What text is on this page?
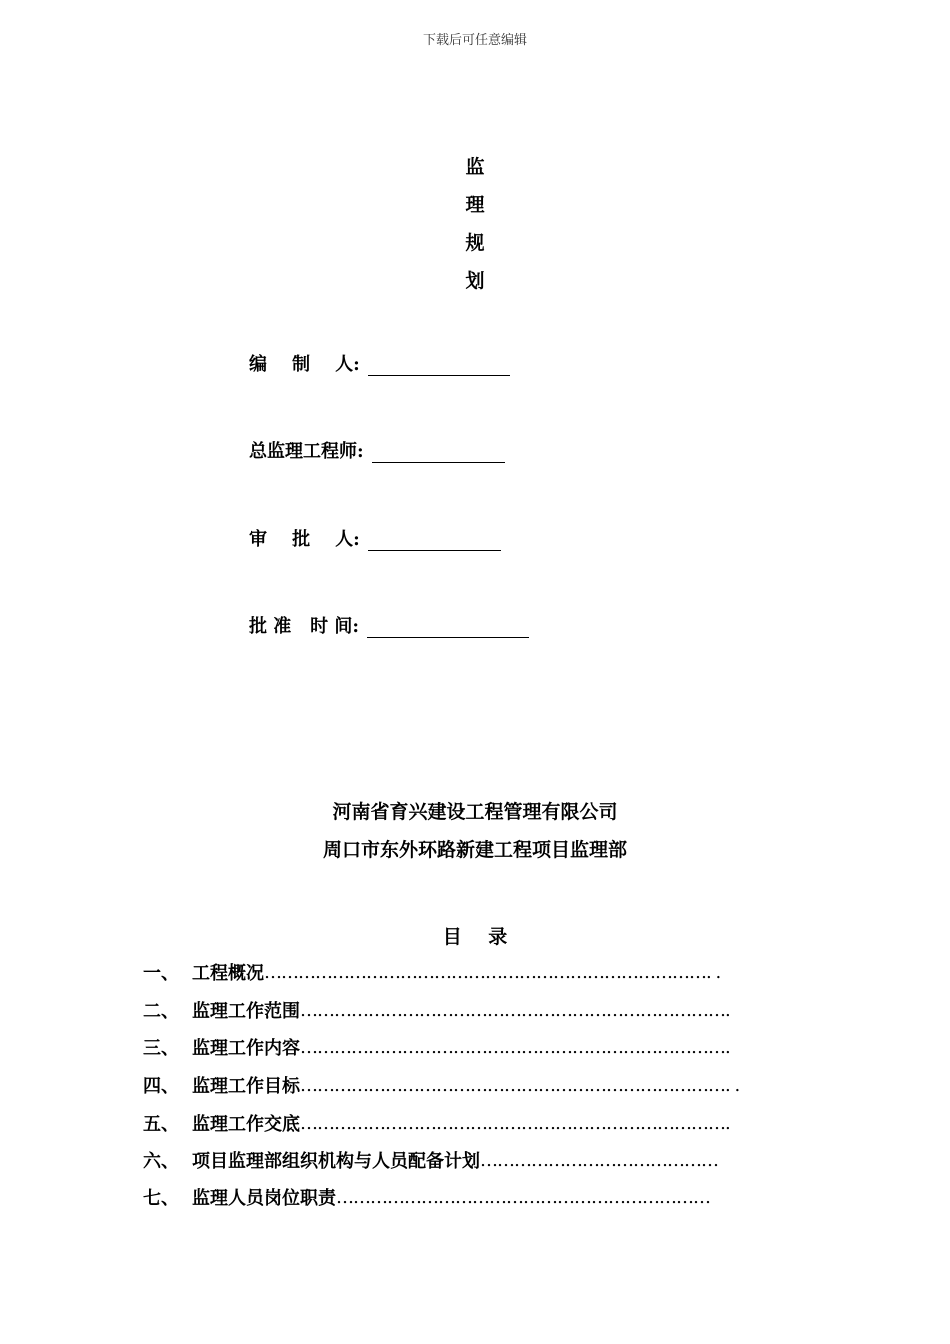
下载后可任意编辑
监
理
规
划
编    制    人:
总监理工程师:
审    批    人:
批 准   时 间:
河南省育兴建设工程管理有限公司
周口市东外环路新建工程项目监理部
目    录
一、 工程概况 ……………………………………………………………………. .
二、 监理工作范围 ………………………………………………………………….
三、 监理工作内容 ………………………………………………………………….
四、 监理工作目标 …………………………………………………………………. .
五、 监理工作交底 ………………………………………………………………….
六、 项目监理部组织机构与人员配备计划 ……………………………………
七、 监理人员岗位职责 …………………………………………………………
